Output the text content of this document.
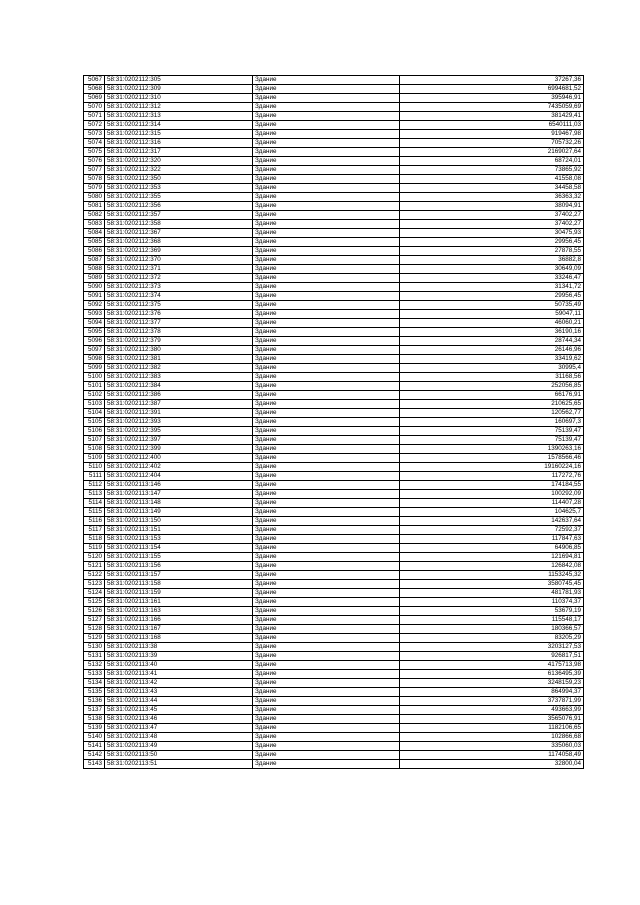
5067	58:31:0202112:305	Здание	37267,36
5068	58:31:0202112:309	Здание	6994681,52
5069	58:31:0202112:310	Здание	395946,91
5070	58:31:0202112:312	Здание	7435059,69
5071	58:31:0202112:313	Здание	381429,41
5072	58:31:0202112:314	Здание	6540111,03
5073	58:31:0202112:315	Здание	919467,98
5074	58:31:0202112:316	Здание	705732,26
5075	58:31:0202112:317	Здание	2169027,64
5076	58:31:0202112:320	Здание	68724,01
5077	58:31:0202112:322	Здание	73865,92
5078	58:31:0202112:350	Здание	41558,08
5079	58:31:0202112:353	Здание	34458,58
5080	58:31:0202112:355	Здание	36363,32
5081	58:31:0202112:356	Здание	38094,91
5082	58:31:0202112:357	Здание	37402,27
5083	58:31:0202112:358	Здание	37402,27
5084	58:31:0202112:367	Здание	30475,93
5085	58:31:0202112:368	Здание	29956,45
5086	58:31:0202112:369	Здание	27878,55
5087	58:31:0202112:370	Здание	36882,8
5088	58:31:0202112:371	Здание	30649,09
5089	58:31:0202112:372	Здание	33246,47
5090	58:31:0202112:373	Здание	31341,72
5091	58:31:0202112:374	Здание	29956,45
5092	58:31:0202112:375	Здание	50735,49
5093	58:31:0202112:376	Здание	59047,11
5094	58:31:0202112:377	Здание	46060,21
5095	58:31:0202112:378	Здание	36190,16
5096	58:31:0202112:379	Здание	28744,34
5097	58:31:0202112:380	Здание	26146,96
5098	58:31:0202112:381	Здание	33419,62
5099	58:31:0202112:382	Здание	30995,4
5100	58:31:0202112:383	Здание	31168,56
5101	58:31:0202112:384	Здание	252056,85
5102	58:31:0202112:386	Здание	66176,91
5103	58:31:0202112:387	Здание	210625,65
5104	58:31:0202112:391	Здание	120562,77
5105	58:31:0202112:393	Здание	160697,3
5106	58:31:0202112:395	Здание	75139,47
5107	58:31:0202112:397	Здание	75139,47
5108	58:31:0202112:399	Здание	1390263,16
5109	58:31:0202112:400	Здание	1578566,46
5110	58:31:0202112:402	Здание	19160224,16
5111	58:31:0202112:404	Здание	117272,76
5112	58:31:0202113:146	Здание	174184,55
5113	58:31:0202113:147	Здание	100292,09
5114	58:31:0202113:148	Здание	114407,28
5115	58:31:0202113:149	Здание	104625,7
5116	58:31:0202113:150	Здание	142637,64
5117	58:31:0202113:151	Здание	72592,37
5118	58:31:0202113:153	Здание	117847,63
5119	58:31:0202113:154	Здание	64906,85
5120	58:31:0202113:155	Здание	121694,81
5121	58:31:0202113:156	Здание	126842,08
5122	58:31:0202113:157	Здание	1153245,32
5123	58:31:0202113:158	Здание	3580745,45
5124	58:31:0202113:159	Здание	481781,93
5125	58:31:0202113:161	Здание	110374,37
5126	58:31:0202113:163	Здание	53679,19
5127	58:31:0202113:166	Здание	115548,17
5128	58:31:0202113:167	Здание	180366,57
5129	58:31:0202113:168	Здание	83205,29
5130	58:31:0202113:38	Здание	3203127,53
5131	58:31:0202113:39	Здание	926817,51
5132	58:31:0202113:40	Здание	4175713,98
5133	58:31:0202113:41	Здание	6136495,39
5134	58:31:0202113:42	Здание	3248159,23
5135	58:31:0202113:43	Здание	864994,37
5136	58:31:0202113:44	Здание	3737871,99
5137	58:31:0202113:45	Здание	493663,99
5138	58:31:0202113:46	Здание	3565076,91
5139	58:31:0202113:47	Здание	1182106,65
5140	58:31:0202113:48	Здание	102866,68
5141	58:31:0202113:49	Здание	335060,03
5142	58:31:0202113:50	Здание	1174058,49
5143	58:31:0202113:51	Здание	32800,04
